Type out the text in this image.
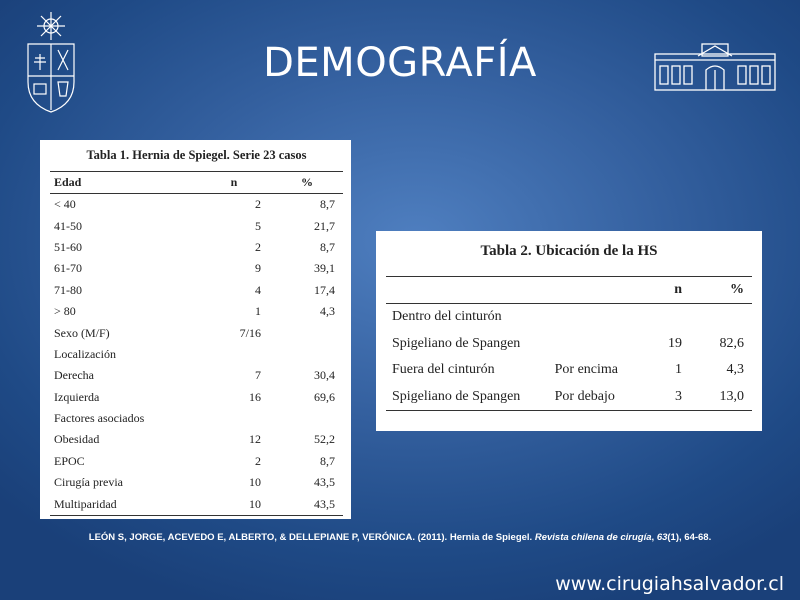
DEMOGRAFÍA
Tabla 1. Hernia de Spiegel. Serie 23 casos
Edad	n	%
< 40	2	8,7
41-50	5	21,7
51-60	2	8,7
61-70	9	39,1
71-80	4	17,4
> 80	1	4,3
Sexo (M/F)	7/16	
Localización		
Derecha	7	30,4
Izquierda	16	69,6
Factores asociados		
Obesidad	12	52,2
EPOC	2	8,7
Cirugía previa	10	43,5
Multiparidad	10	43,5
Tabla 2. Ubicación de la HS
		n	%
Dentro del cinturón			
Spigeliano de Spangen		19	82,6
Fuera del cinturón	Por encima	1	4,3
Spigeliano de Spangen	Por debajo	3	13,0
LEÓN S, JORGE, ACEVEDO E, ALBERTO, & DELLEPIANE P, VERÓNICA. (2011). Hernia de Spiegel. Revista chilena de cirugía, 63(1), 64-68.
www.cirugiahsalvador.cl
